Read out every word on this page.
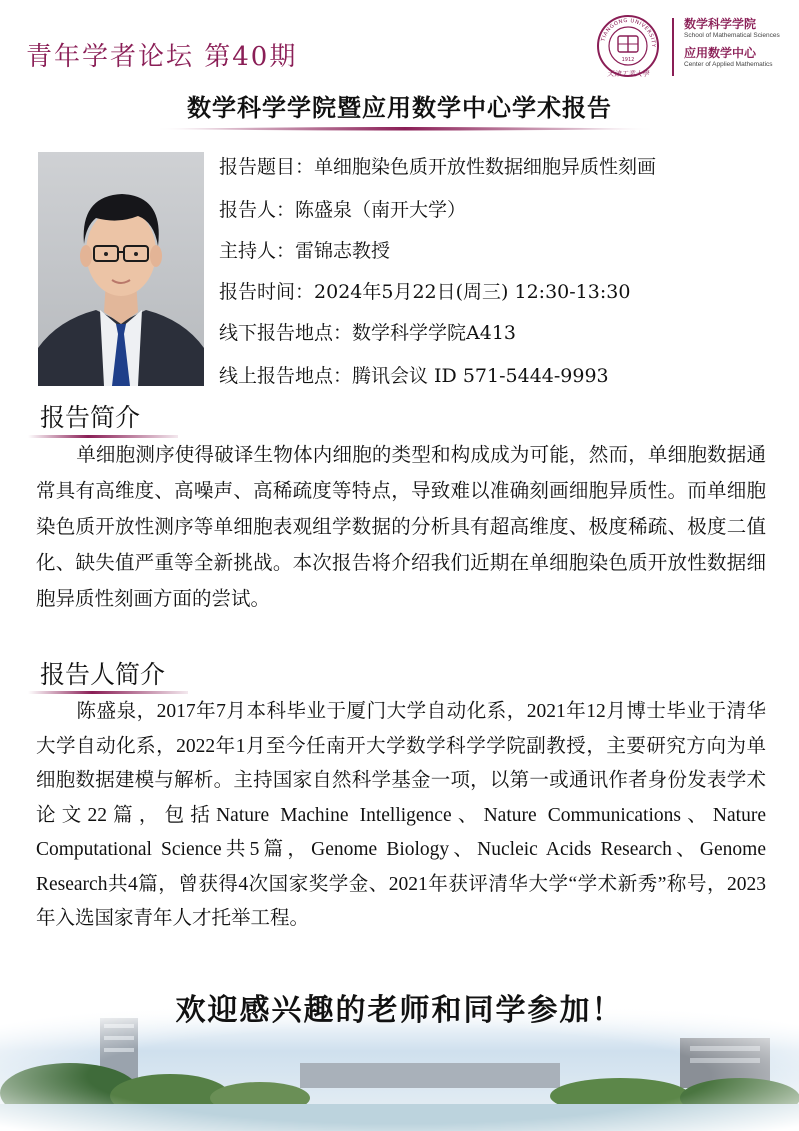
青年学者论坛 第40期
TIANGONG UNIVERSITY
1912
天津工業大學
数学科学学院
School of Mathematical Sciences
应用数学中心
Center of Applied Mathematics
数学科学学院暨应用数学中心学术报告
报告题目：单细胞染色质开放性数据细胞异质性刻画
报告人：陈盛泉（南开大学）
主持人：雷锦志教授
报告时间：2024年5月22日(周三) 12:30-13:30
线下报告地点：数学科学学院A413
线上报告地点：腾讯会议 ID 571-5444-9993
报告简介
单细胞测序使得破译生物体内细胞的类型和构成成为可能，然而，单细胞数据通常具有高维度、高噪声、高稀疏度等特点，导致难以准确刻画细胞异质性。而单细胞染色质开放性测序等单细胞表观组学数据的分析具有超高维度、极度稀疏、极度二值化、缺失值严重等全新挑战。本次报告将介绍我们近期在单细胞染色质开放性数据细胞异质性刻画方面的尝试。
报告人简介
陈盛泉，2017年7月本科毕业于厦门大学自动化系，2021年12月博士毕业于清华大学自动化系，2022年1月至今任南开大学数学科学学院副教授，主要研究方向为单细胞数据建模与解析。主持国家自然科学基金一项，以第一或通讯作者身份发表学术论文22篇，包括Nature Machine Intelligence、Nature Communications、Nature Computational Science共5篇，Genome Biology、Nucleic Acids Research、Genome Research共4篇，曾获得4次国家奖学金、2021年获评清华大学“学术新秀”称号，2023年入选国家青年人才托举工程。
欢迎感兴趣的老师和同学参加！
